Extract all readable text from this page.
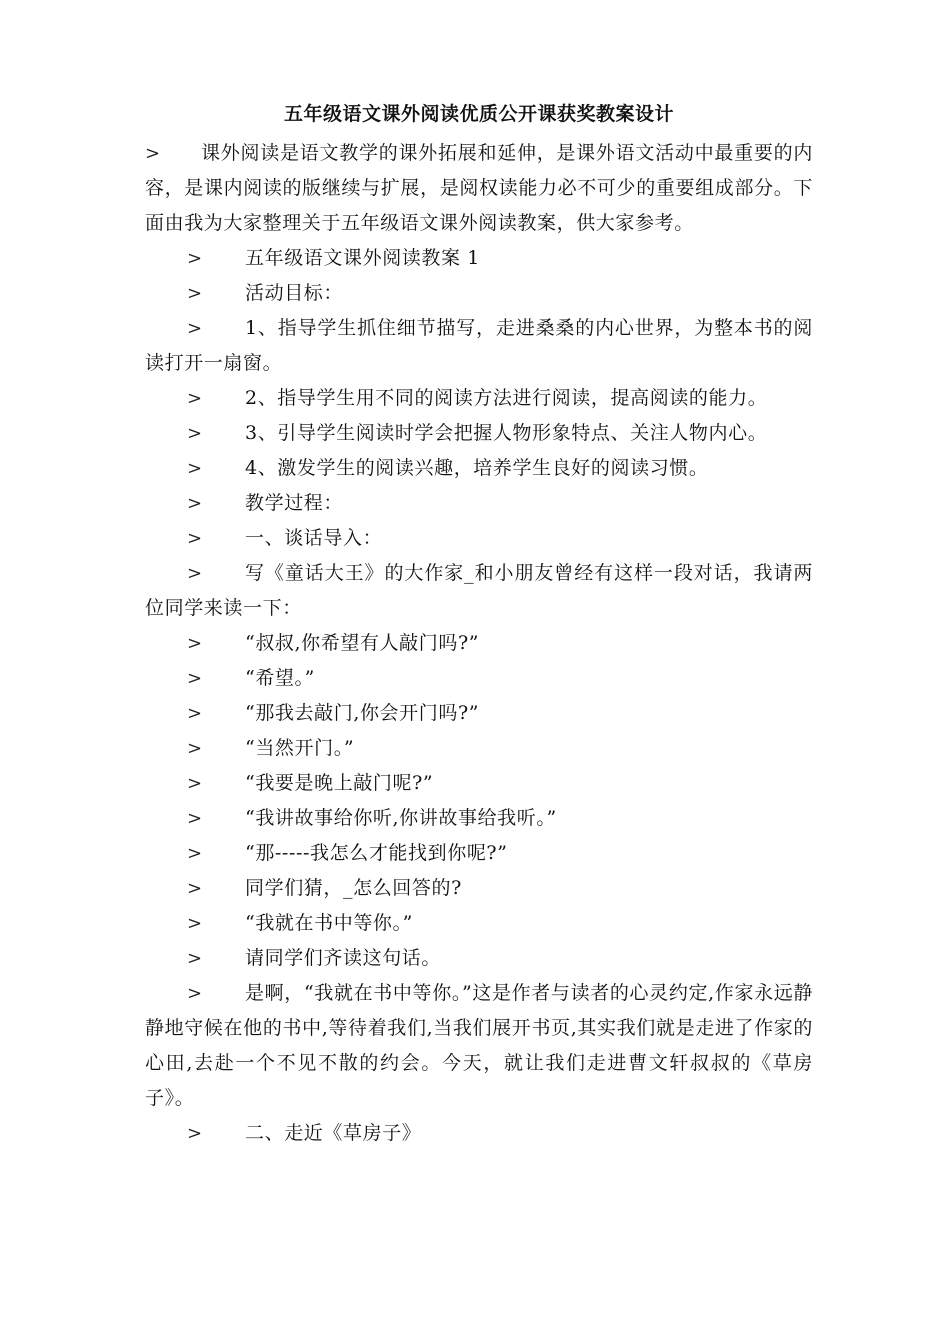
五年级语文课外阅读优质公开课获奖教案设计

> 课外阅读是语文教学的课外拓展和延伸，是课外语文活动中最重要的内容，是课内阅读的版继续与扩展，是阅权读能力必不可少的重要组成部分。下面由我为大家整理关于五年级语文课外阅读教案，供大家参考。

> 五年级语文课外阅读教案 1

> 活动目标：

> 1、指导学生抓住细节描写，走进桑桑的内心世界，为整本书的阅读打开一扇窗。

> 2、指导学生用不同的阅读方法进行阅读，提高阅读的能力。

> 3、引导学生阅读时学会把握人物形象特点、关注人物内心。

> 4、激发学生的阅读兴趣，培养学生良好的阅读习惯。

> 教学过程：

> 一、谈话导入：

> 写《童话大王》的大作家_和小朋友曾经有这样一段对话，我请两位同学来读一下：

> “叔叔,你希望有人敲门吗?”

> “希望。”

> “那我去敲门,你会开门吗?”

> “当然开门。”

> “我要是晚上敲门呢?”

> “我讲故事给你听,你讲故事给我听。”

> “那-----我怎么才能找到你呢?”

> 同学们猜，_怎么回答的?

> “我就在书中等你。”

> 请同学们齐读这句话。

> 是啊，“我就在书中等你。”这是作者与读者的心灵约定,作家永远静静地守候在他的书中,等待着我们,当我们展开书页,其实我们就是走进了作家的心田,去赴一个不见不散的约会。今天，就让我们走进曹文轩叔叔的《草房子》。

> 二、走近《草房子》
